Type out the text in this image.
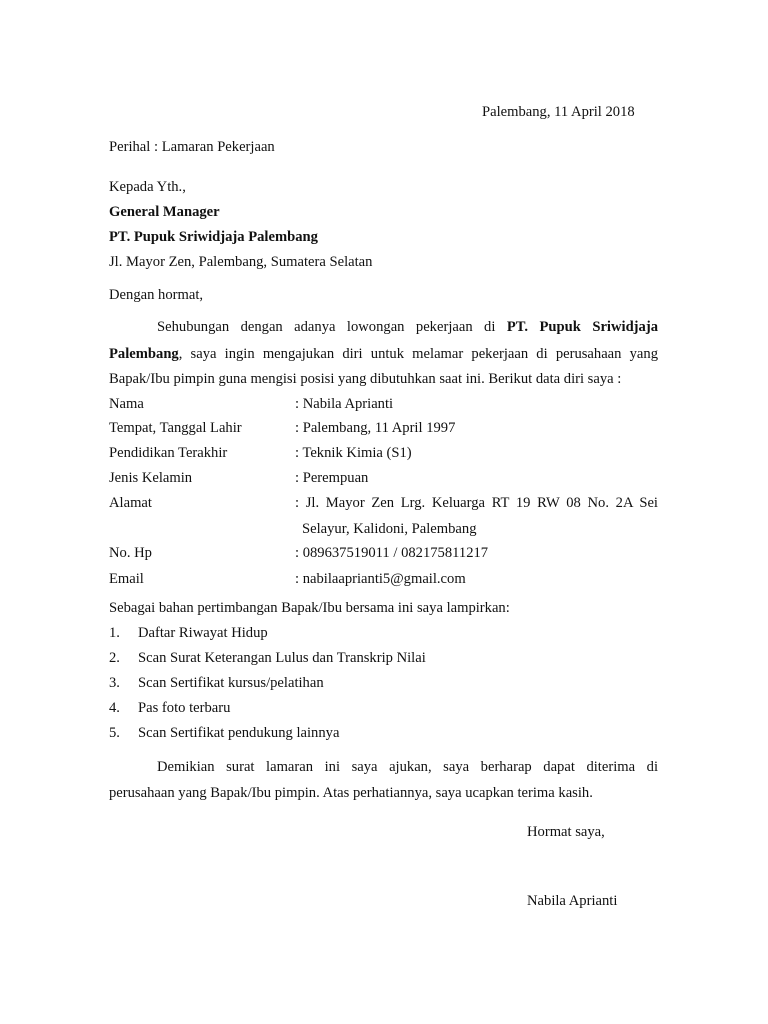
Palembang, 11 April 2018
Perihal : Lamaran Pekerjaan
Kepada Yth.,
General Manager
PT. Pupuk Sriwidjaja Palembang
Jl. Mayor Zen, Palembang, Sumatera Selatan
Dengan hormat,
Sehubungan dengan adanya lowongan pekerjaan di PT. Pupuk Sriwidjaja
Palembang, saya ingin mengajukan diri untuk melamar pekerjaan di perusahaan yang
Bapak/Ibu pimpin guna mengisi posisi yang dibutuhkan saat ini. Berikut data diri saya :
Nama	: Nabila Aprianti
Tempat, Tanggal Lahir	: Palembang, 11 April 1997
Pendidikan Terakhir	: Teknik Kimia (S1)
Jenis Kelamin	: Perempuan
Alamat	: Jl. Mayor Zen Lrg. Keluarga RT 19 RW 08 No. 2A Sei
Selayur, Kalidoni, Palembang
No. Hp	: 089637519011 / 082175811217
Email	: nabilaaprianti5@gmail.com
Sebagai bahan pertimbangan Bapak/Ibu bersama ini saya lampirkan:
1. Daftar Riwayat Hidup
2. Scan Surat Keterangan Lulus dan Transkrip Nilai
3. Scan Sertifikat kursus/pelatihan
4. Pas foto terbaru
5. Scan Sertifikat pendukung lainnya
Demikian surat lamaran ini saya ajukan, saya berharap dapat diterima di
perusahaan yang Bapak/Ibu pimpin. Atas perhatiannya, saya ucapkan terima kasih.
Hormat saya,
Nabila Aprianti
